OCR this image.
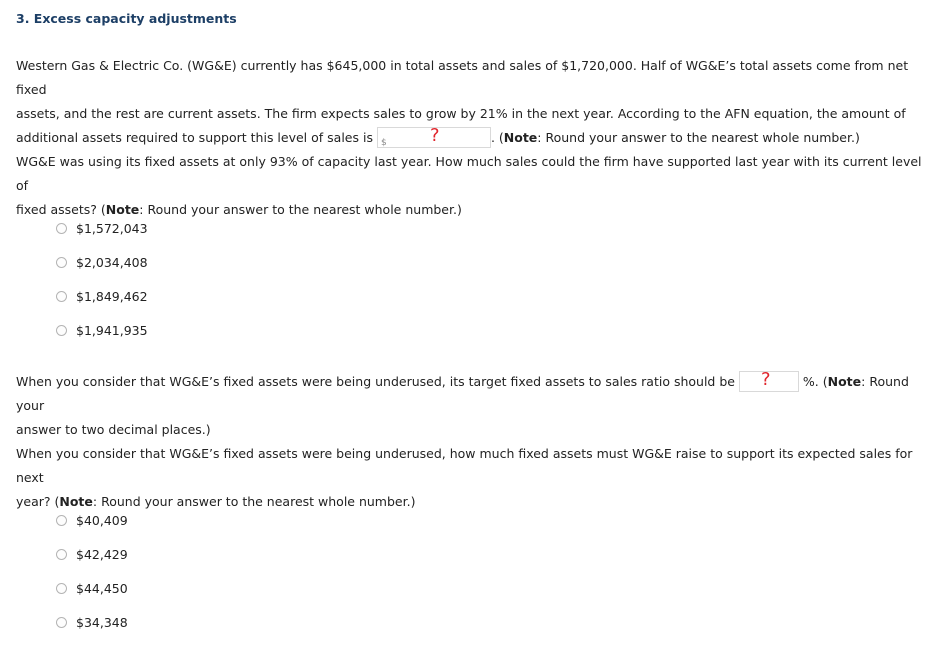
3. Excess capacity adjustments
Western Gas & Electric Co. (WG&E) currently has $645,000 in total assets and sales of $1,720,000. Half of WG&E’s total assets come from net fixed
assets, and the rest are current assets. The firm expects sales to grow by 21% in the next year. According to the AFN equation, the amount of
additional assets required to support this level of sales is $ ?	. (Note: Round your answer to the nearest whole number.)
WG&E was using its fixed assets at only 93% of capacity last year. How much sales could the firm have supported last year with its current level of
fixed assets? (Note: Round your answer to the nearest whole number.)
$1,572,043
$2,034,408
$1,849,462
$1,941,935
When you consider that WG&E’s fixed assets were being underused, its target fixed assets to sales ratio should be ? %. (Note: Round your
answer to two decimal places.)
When you consider that WG&E’s fixed assets were being underused, how much fixed assets must WG&E raise to support its expected sales for next
year? (Note: Round your answer to the nearest whole number.)
$40,409
$42,429
$44,450
$34,348
